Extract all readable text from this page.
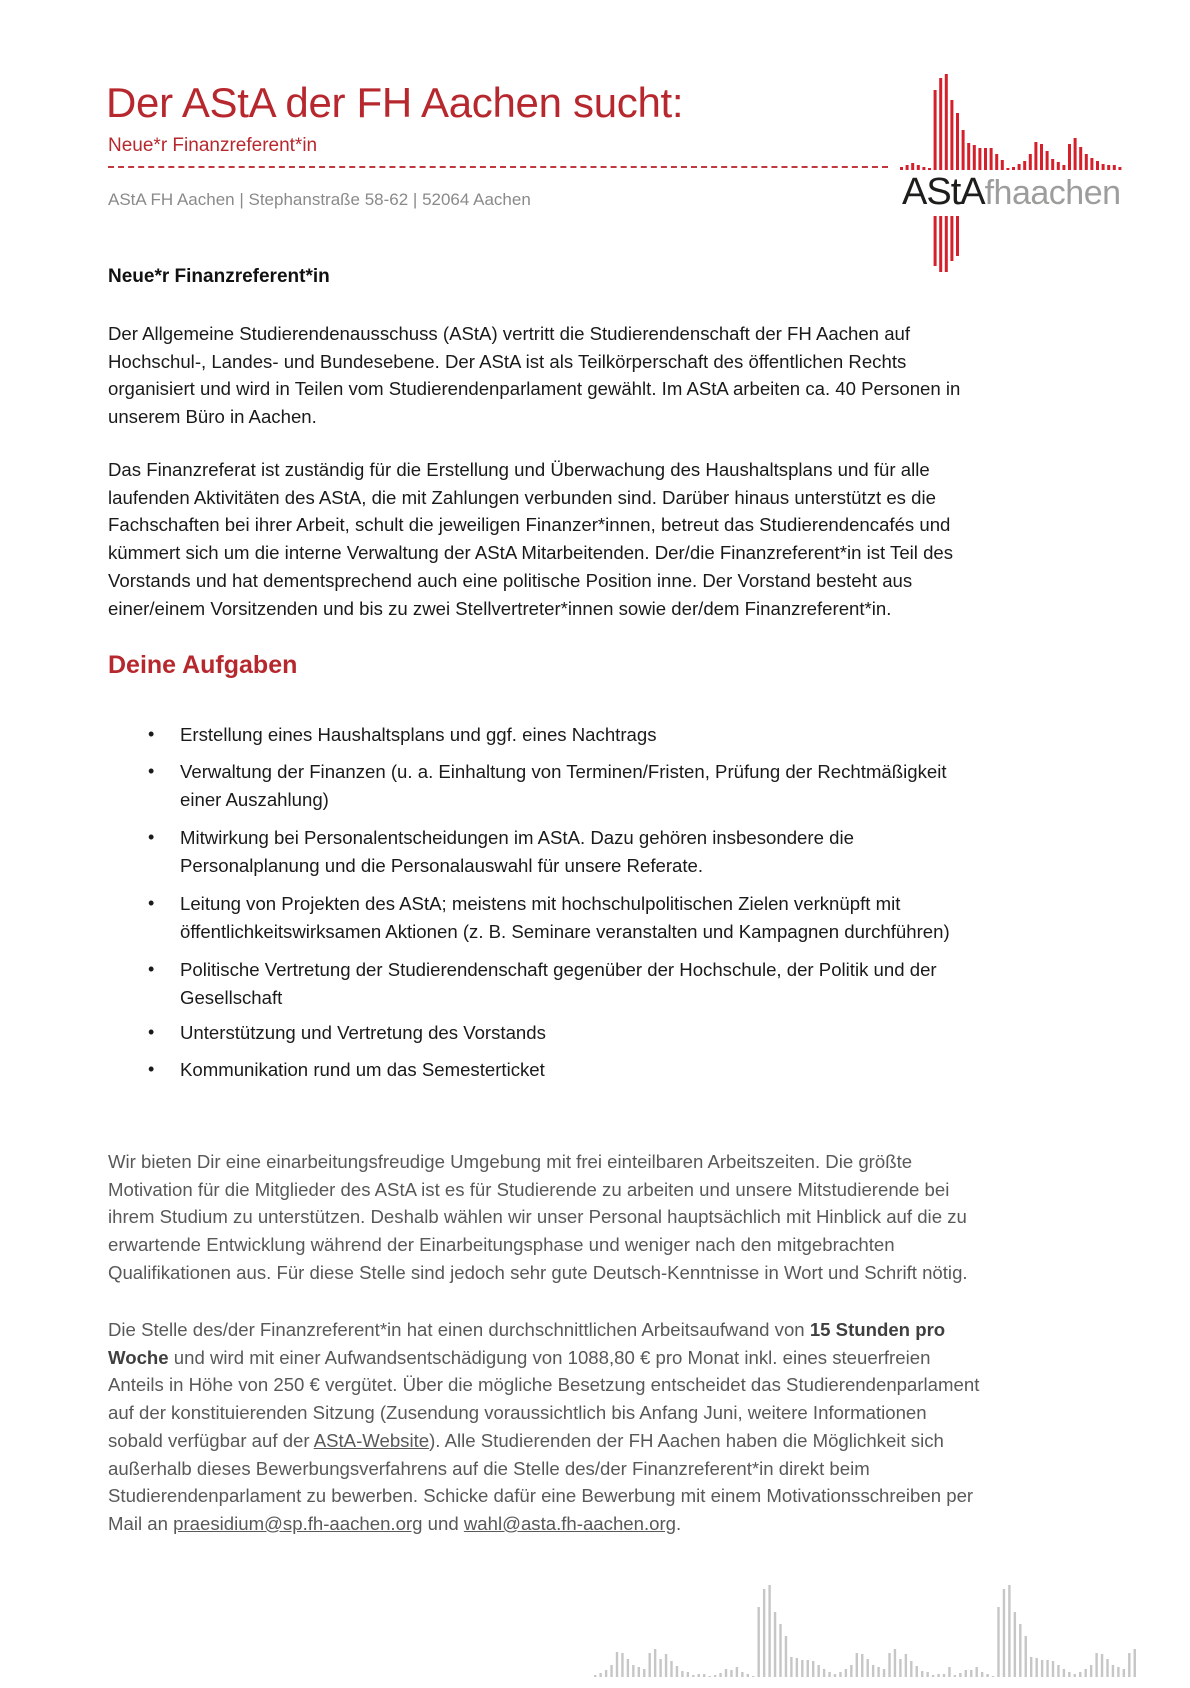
Der AStA der FH Aachen sucht:
Neue*r Finanzreferent*in
AStA FH Aachen | Stephanstraße 58-62 | 52064 Aachen	AStAfhaachen
Neue*r Finanzreferent*in

Der Allgemeine Studierendenausschuss (AStA) vertritt die Studierendenschaft der FH Aachen auf

Hochschul-, Landes- und Bundesebene. Der AStA ist als Teilkörperschaft des öffentlichen Rechts

organisiert und wird in Teilen vom Studierendenparlament gewählt. Im AStA arbeiten ca. 40 Personen in

unserem Büro in Aachen.

Das Finanzreferat ist zuständig für die Erstellung und Überwachung des Haushaltsplans und für alle

laufenden Aktivitäten des AStA, die mit Zahlungen verbunden sind. Darüber hinaus unterstützt es die

Fachschaften bei ihrer Arbeit, schult die jeweiligen Finanzer*innen, betreut das Studierendencafés und

kümmert sich um die interne Verwaltung der AStA Mitarbeitenden. Der/die Finanzreferent*in ist Teil des

Vorstands und hat dementsprechend auch eine politische Position inne. Der Vorstand besteht aus

einer/einem Vorsitzenden und bis zu zwei Stellvertreter*innen sowie der/dem Finanzreferent*in.

Deine Aufgaben
• Erstellung eines Haushaltsplans und ggf. eines Nachtrags
• Verwaltung der Finanzen (u. a. Einhaltung von Terminen/Fristen, Prüfung der Rechtmäßigkeit
einer Auszahlung)
• Mitwirkung bei Personalentscheidungen im AStA. Dazu gehören insbesondere die
Personalplanung und die Personalauswahl für unsere Referate.
• Leitung von Projekten des AStA; meistens mit hochschulpolitischen Zielen verknüpft mit
öffentlichkeitswirksamen Aktionen (z. B. Seminare veranstalten und Kampagnen durchführen)
• Politische Vertretung der Studierendenschaft gegenüber der Hochschule, der Politik und der
Gesellschaft
• Unterstützung und Vertretung des Vorstands
• Kommunikation rund um das Semesterticket

Wir bieten Dir eine einarbeitungsfreudige Umgebung mit frei einteilbaren Arbeitszeiten. Die größte

Motivation für die Mitglieder des AStA ist es für Studierende zu arbeiten und unsere Mitstudierende bei

ihrem Studium zu unterstützen. Deshalb wählen wir unser Personal hauptsächlich mit Hinblick auf die zu

erwartende Entwicklung während der Einarbeitungsphase und weniger nach den mitgebrachten

Qualifikationen aus. Für diese Stelle sind jedoch sehr gute Deutsch-Kenntnisse in Wort und Schrift nötig.

Die Stelle des/der Finanzreferent*in hat einen durchschnittlichen Arbeitsaufwand von 15 Stunden pro

Woche und wird mit einer Aufwandsentschädigung von 1088,80 € pro Monat inkl. eines steuerfreien

Anteils in Höhe von 250 € vergütet. Über die mögliche Besetzung entscheidet das Studierendenparlament

auf der konstituierenden Sitzung (Zusendung voraussichtlich bis Anfang Juni, weitere Informationen

sobald verfügbar auf der AStA-Website). Alle Studierenden der FH Aachen haben die Möglichkeit sich

außerhalb dieses Bewerbungsverfahrens auf die Stelle des/der Finanzreferent*in direkt beim

Studierendenparlament zu bewerben. Schicke dafür eine Bewerbung mit einem Motivationsschreiben per

Mail an praesidium@sp.fh-aachen.org und wahl@asta.fh-aachen.org.
